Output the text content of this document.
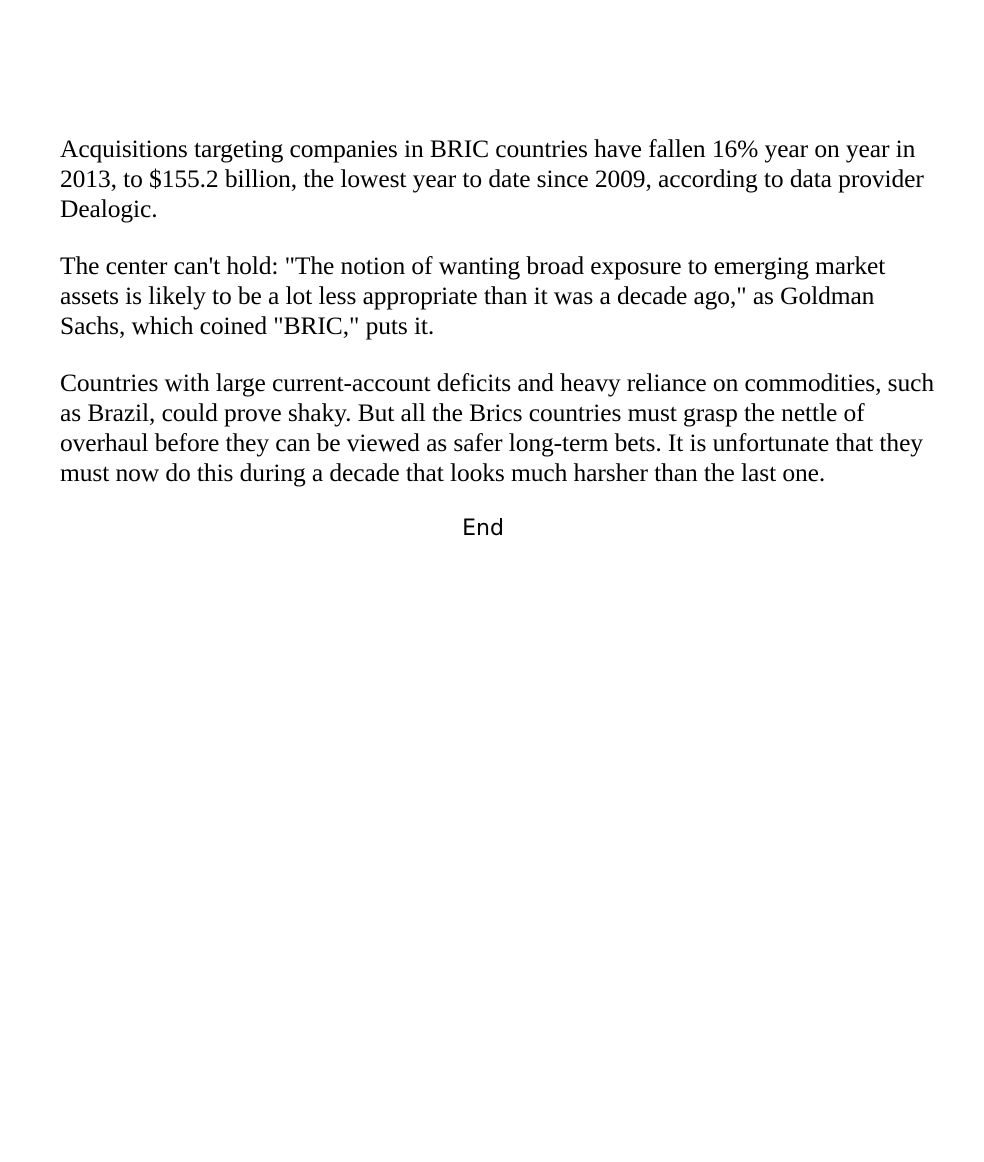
Acquisitions targeting companies in BRIC countries have fallen 16% year on year in 2013, to $155.2 billion, the lowest year to date since 2009, according to data provider Dealogic.

The center can't hold: "The notion of wanting broad exposure to emerging market assets is likely to be a lot less appropriate than it was a decade ago," as Goldman Sachs, which coined "BRIC," puts it.

Countries with large current-account deficits and heavy reliance on commodities, such as Brazil, could prove shaky. But all the Brics countries must grasp the nettle of overhaul before they can be viewed as safer long-term bets. It is unfortunate that they must now do this during a decade that looks much harsher than the last one.

End
